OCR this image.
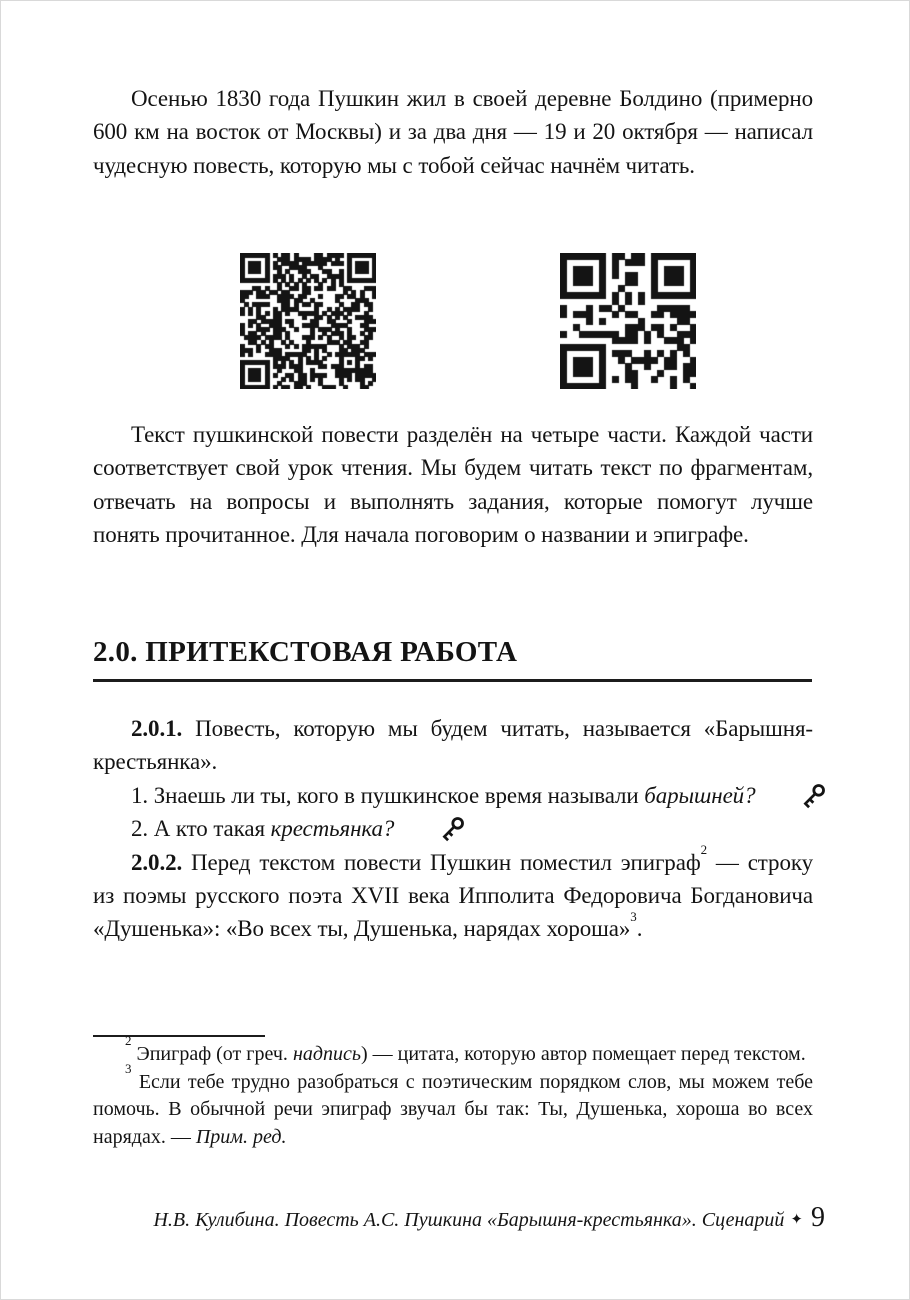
Осенью 1830 года Пушкин жил в своей деревне Болдино (примерно 600 км на восток от Москвы) и за два дня — 19 и 20 октября — написал чудесную повесть, которую мы с тобой сейчас начнём читать.

Текст пушкинской повести разделён на четыре части. Каждой части соответствует свой урок чтения. Мы будем читать текст по фрагментам, отвечать на вопросы и выполнять задания, которые помогут лучше понять прочитанное. Для начала поговорим о названии и эпиграфе.

2.0. ПРИТЕКСТОВАЯ РАБОТА

2.0.1. Повесть, которую мы будем читать, называется «Барышня-крестьянка».

1. Знаешь ли ты, кого в пушкинское время называли барышней?

2. А кто такая крестьянка?

2.0.2. Перед текстом повести Пушкин поместил эпиграф$^2$ — строку из поэмы русского поэта XVII века Ипполита Федоровича Богдановича «Душенька»: «Во всех ты, Душенька, нарядах хороша»$^3$.

$^2$ Эпиграф (от греч. надпись) — цитата, которую автор помещает перед текстом.

$^3$ Если тебе трудно разобраться с поэтическим порядком слов, мы можем тебе помочь. В обычной речи эпиграф звучал бы так: Ты, Душенька, хороша во всех нарядах. — Прим. ред.

Н.В. Кулибина. Повесть А.С. Пушкина «Барышня-крестьянка». Сценарий ✦ 9
